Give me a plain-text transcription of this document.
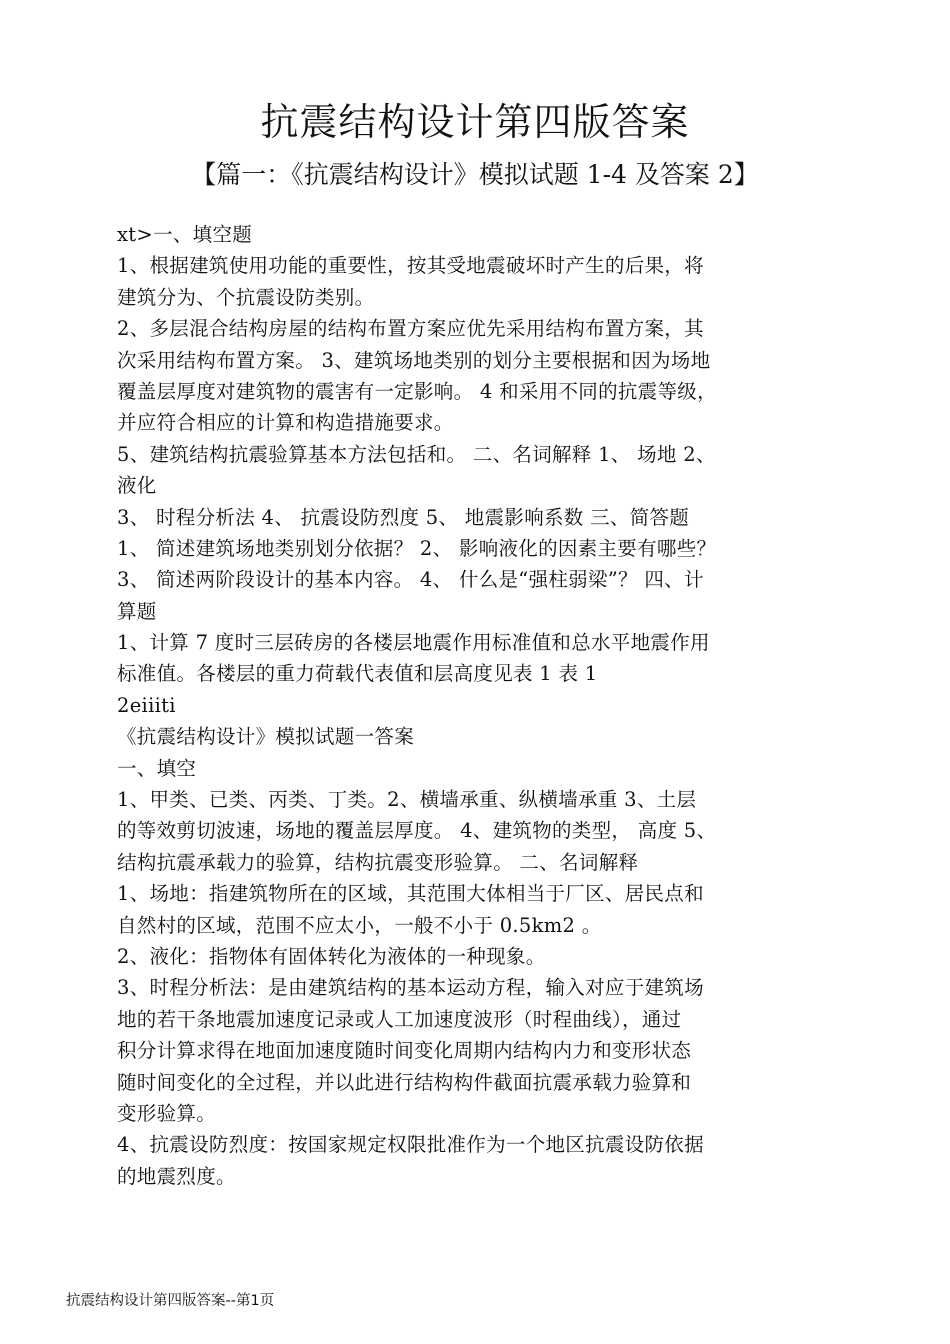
抗震结构设计第四版答案
【篇一：《抗震结构设计》模拟试题 1-4 及答案 2】
xt>一、填空题
1、根据建筑使用功能的重要性，按其受地震破坏时产生的后果，将
建筑分为、个抗震设防类别。
2、多层混合结构房屋的结构布置方案应优先采用结构布置方案，其
次采用结构布置方案。 3、建筑场地类别的划分主要根据和因为场地
覆盖层厚度对建筑物的震害有一定影响。 4 和采用不同的抗震等级，
并应符合相应的计算和构造措施要求。
5、建筑结构抗震验算基本方法包括和。 二、名词解释 1、 场地 2、
液化
3、 时程分析法 4、 抗震设防烈度 5、 地震影响系数 三、简答题
1、 简述建筑场地类别划分依据？ 2、 影响液化的因素主要有哪些？
3、 简述两阶段设计的基本内容。 4、 什么是“强柱弱梁”？ 四、计
算题
1、计算 7 度时三层砖房的各楼层地震作用标准值和总水平地震作用
标准值。各楼层的重力荷载代表值和层高度见表 1 表 1
2eiiiti
《抗震结构设计》模拟试题一答案
一、填空
1、甲类、已类、丙类、丁类。2、横墙承重、纵横墙承重 3、土层
的等效剪切波速，场地的覆盖层厚度。 4、建筑物的类型， 高度 5、
结构抗震承载力的验算，结构抗震变形验算。 二、名词解释
1、场地：指建筑物所在的区域，其范围大体相当于厂区、居民点和
自然村的区域，范围不应太小，一般不小于 0.5km2 。
2、液化：指物体有固体转化为液体的一种现象。
3、时程分析法：是由建筑结构的基本运动方程，输入对应于建筑场
地的若干条地震加速度记录或人工加速度波形（时程曲线），通过
积分计算求得在地面加速度随时间变化周期内结构内力和变形状态
随时间变化的全过程，并以此进行结构构件截面抗震承载力验算和
变形验算。
4、抗震设防烈度：按国家规定权限批准作为一个地区抗震设防依据
的地震烈度。
抗震结构设计第四版答案--第1页
